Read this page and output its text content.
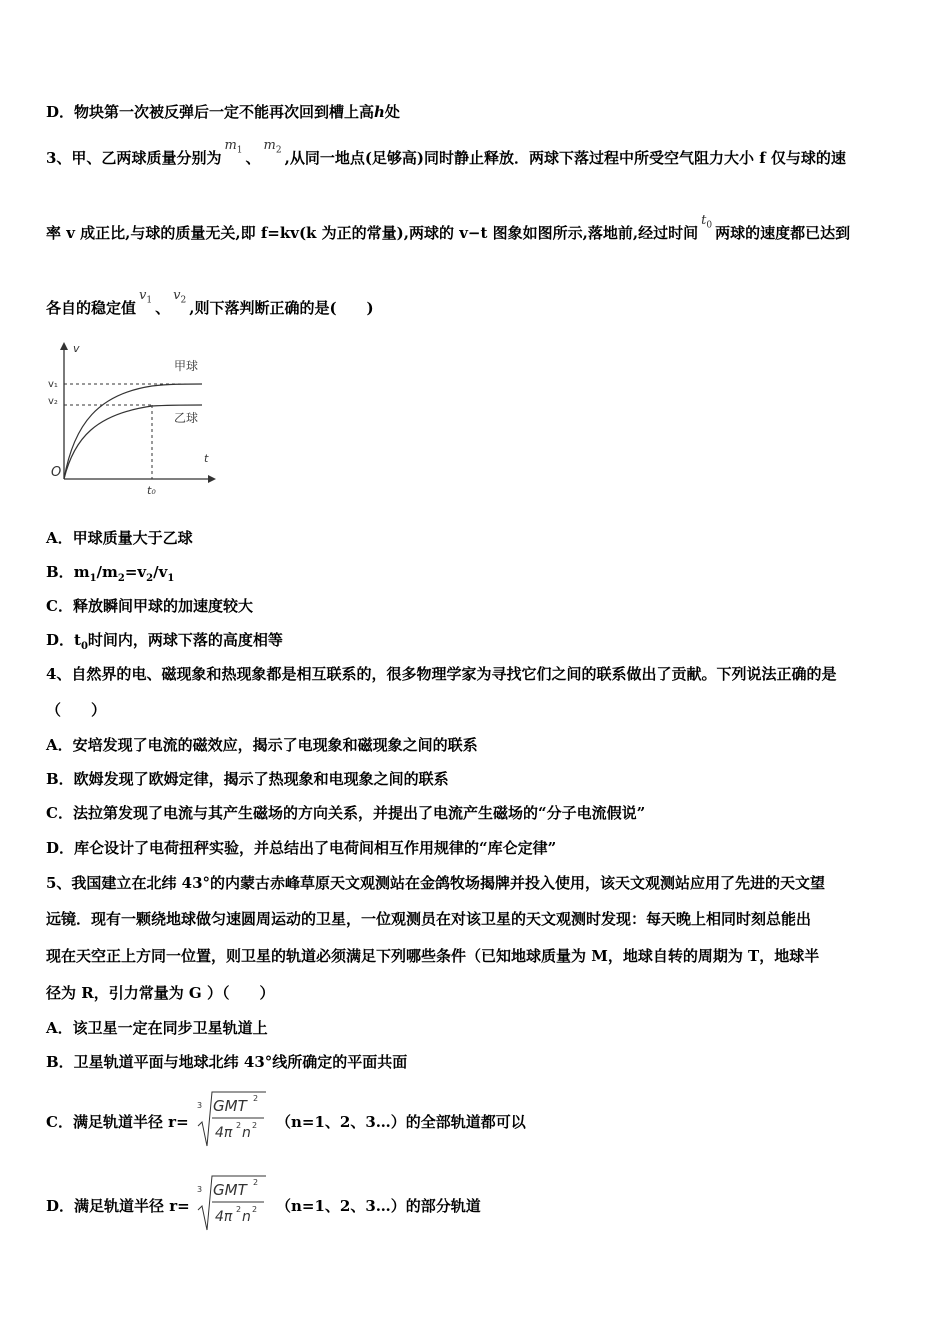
D．物块第一次被反弹后一定不能再次回到槽上高h处
3、甲、乙两球质量分别为$m_1$ 、$m_2$ ,从同一地点(足够高)同时静止释放．两球下落过程中所受空气阻力大小 f 仅与球的速
率 v 成正比,与球的质量无关,即 f=kv(k 为正的常量),两球的 v−t 图象如图所示,落地前,经过时间$t_0$ 两球的速度都已达到
各自的稳定值$v_1$ 、$v_2$ ,则下落判断正确的是(　　)
v
t
O
v₁
v₂
t₀
甲球
乙球
A．甲球质量大于乙球
B．$m_1/m_2=v_2/v_1$
C．释放瞬间甲球的加速度较大
D．$t_0$时间内，两球下落的高度相等
4、自然界的电、磁现象和热现象都是相互联系的，很多物理学家为寻找它们之间的联系做出了贡献。下列说法正确的是
（　　）
A．安培发现了电流的磁效应，揭示了电现象和磁现象之间的联系
B．欧姆发现了欧姆定律，揭示了热现象和电现象之间的联系
C．法拉第发现了电流与其产生磁场的方向关系，并提出了电流产生磁场的“分子电流假说”
D．库仑设计了电荷扭秤实验，并总结出了电荷间相互作用规律的“库仑定律”
5、我国建立在北纬 43°的内蒙古赤峰草原天文观测站在金鸽牧场揭牌并投入使用，该天文观测站应用了先进的天文望
远镜．现有一颗绕地球做匀速圆周运动的卫星，一位观测员在对该卫星的天文观测时发现：每天晚上相同时刻总能出
现在天空正上方同一位置，则卫星的轨道必须满足下列哪些条件（已知地球质量为 M，地球自转的周期为 T，地球半
径为 R，引力常量为 G ）（　　）
A．该卫星一定在同步卫星轨道上
B．卫星轨道平面与地球北纬 43°线所确定的平面共面
C．满足轨道半径 r=
3 GMT 2
4π 2 n 2 （n=1、2、3…）的全部轨道都可以
D．满足轨道半径 r=
3 GMT 2
4π 2 n 2 （n=1、2、3…）的部分轨道
